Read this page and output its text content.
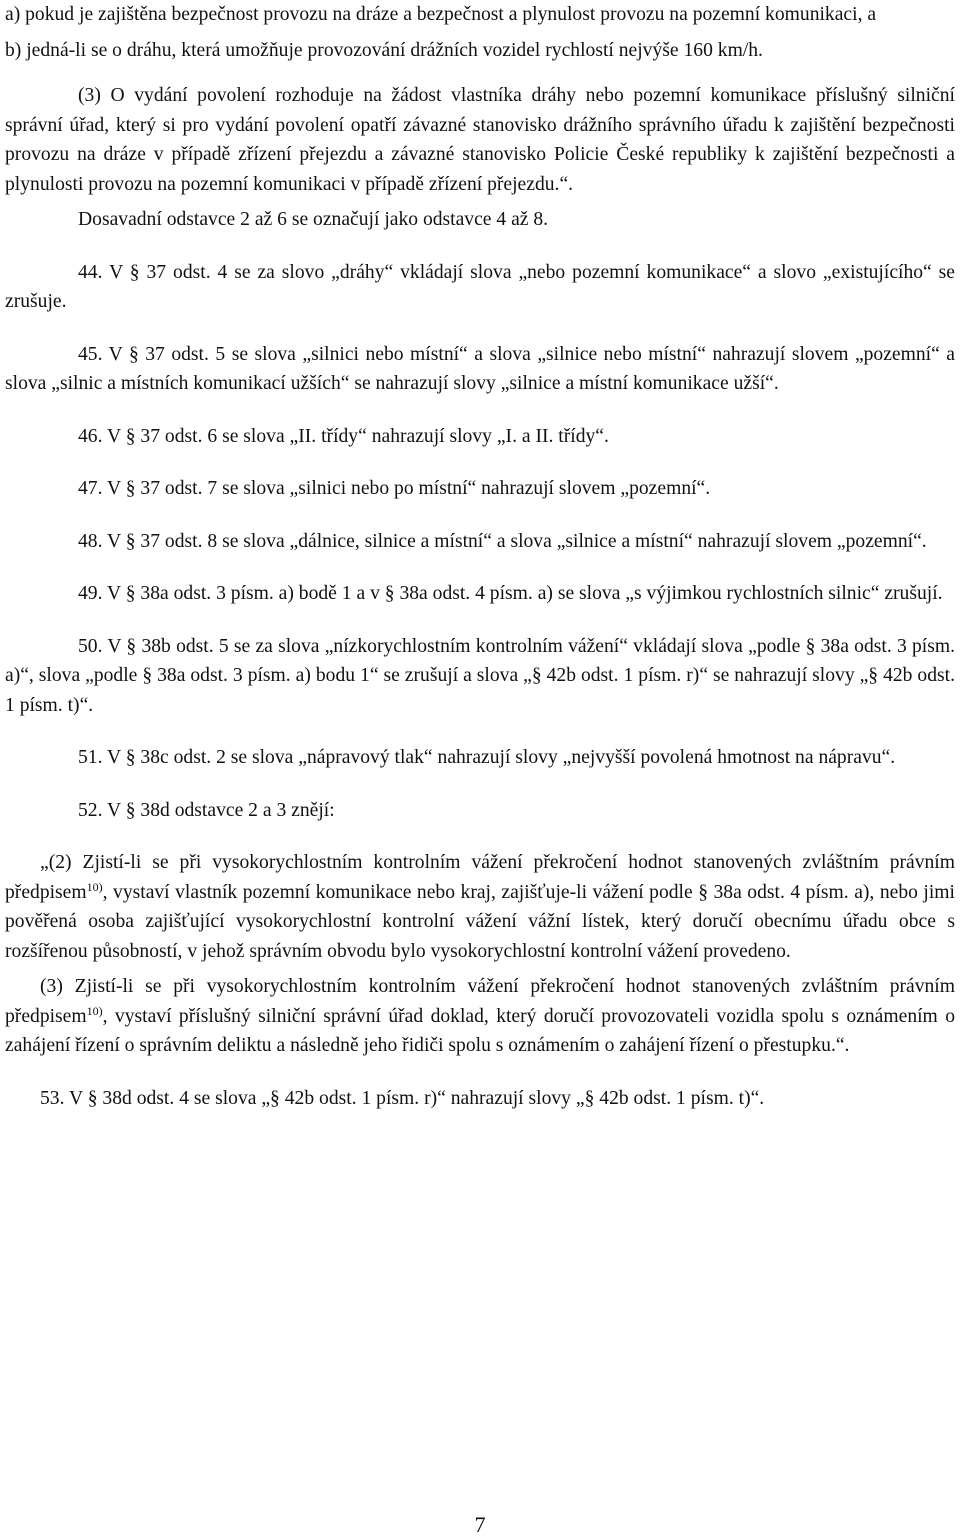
a) pokud je zajištěna bezpečnost provozu na dráze a bezpečnost a plynulost provozu na pozemní komunikaci, a

b) jedná-li se o dráhu, která umožňuje provozování drážních vozidel rychlostí nejvýše 160 km/h.

(3) O vydání povolení rozhoduje na žádost vlastníka dráhy nebo pozemní komunikace příslušný silniční správní úřad, který si pro vydání povolení opatří závazné stanovisko drážního správního úřadu k zajištění bezpečnosti provozu na dráze v případě zřízení přejezdu a závazné stanovisko Policie České republiky k zajištění bezpečnosti a plynulosti provozu na pozemní komunikaci v případě zřízení přejezdu.“.

Dosavadní odstavce 2 až 6 se označují jako odstavce 4 až 8.

44. V § 37 odst. 4 se za slovo „dráhy“ vkládají slova „nebo pozemní komunikace“ a slovo „existujícího“ se zrušuje.

45. V § 37 odst. 5 se slova „silnici nebo místní“ a slova „silnice nebo místní“ nahrazují slovem „pozemní“ a slova „silnic a místních komunikací užších“ se nahrazují slovy „silnice a místní komunikace užší“.

46. V § 37 odst. 6 se slova „II. třídy“ nahrazují slovy „I. a II. třídy“.

47. V § 37 odst. 7 se slova „silnici nebo po místní“ nahrazují slovem „pozemní“.

48. V § 37 odst. 8 se slova „dálnice, silnice a místní“ a slova „silnice a místní“ nahrazují slovem „pozemní“.

49. V § 38a odst. 3 písm. a) bodě 1 a v § 38a odst. 4 písm. a) se slova „s výjimkou rychlostních silnic“ zrušují.

50. V § 38b odst. 5 se za slova „nízkorychlostním kontrolním vážení“ vkládají slova „podle § 38a odst. 3 písm. a)“, slova „podle § 38a odst. 3 písm. a) bodu 1“ se zrušují a slova „§ 42b odst. 1 písm. r)“ se nahrazují slovy „§ 42b odst. 1 písm. t)“.

51. V § 38c odst. 2 se slova „nápravový tlak“ nahrazují slovy „nejvyšší povolená hmotnost na nápravu“.

52. V § 38d odstavce 2 a 3 znějí:

„(2) Zjistí-li se při vysokorychlostním kontrolním vážení překročení hodnot stanovených zvláštním právním předpisem$^{10)}$, vystaví vlastník pozemní komunikace nebo kraj, zajišťuje-li vážení podle § 38a odst. 4 písm. a), nebo jimi pověřená osoba zajišťující vysokorychlostní kontrolní vážení vážní lístek, který doručí obecnímu úřadu obce s rozšířenou působností, v jehož správním obvodu bylo vysokorychlostní kontrolní vážení provedeno.

(3) Zjistí-li se při vysokorychlostním kontrolním vážení překročení hodnot stanovených zvláštním právním předpisem$^{10)}$, vystaví příslušný silniční správní úřad doklad, který doručí provozovateli vozidla spolu s oznámením o zahájení řízení o správním deliktu a následně jeho řidiči spolu s oznámením o zahájení řízení o přestupku.“.

53. V § 38d odst. 4 se slova „§ 42b odst. 1 písm. r)“ nahrazují slovy „§ 42b odst. 1 písm. t)“.

7
